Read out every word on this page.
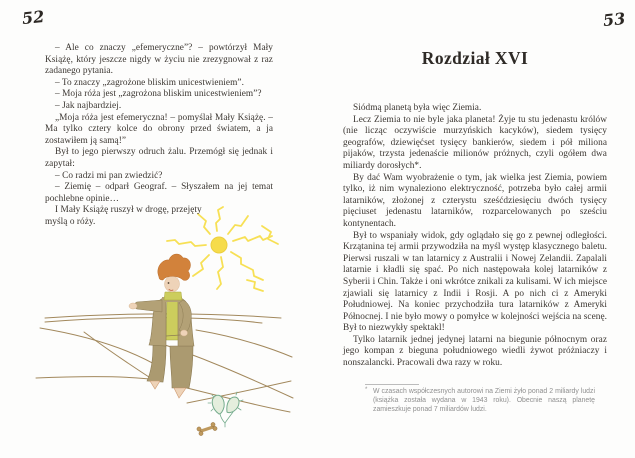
52

– Ale co znaczy „efemeryczne”? – powtórzył Mały Książę, który jeszcze nigdy w życiu nie zrezygnował z raz zadanego pytania.

– To znaczy „zagrożone bliskim unicestwieniem”.

– Moja róża jest „zagrożona bliskim unicestwieniem”?

– Jak najbardziej.

„Moja róża jest efemeryczna! – pomyślał Mały Książę. – Ma tylko cztery kolce do obrony przed światem, a ja zostawiłem ją samą!”

Był to jego pierwszy odruch żalu. Przemógł się jednak i zapytał:

– Co radzi mi pan zwiedzić?

– Ziemię – odparł Geograf. – Słyszałem na jej temat pochlebne opinie…

I Mały Książę ruszył w drogę, przejęty myślą o róży.

53
Rozdział XVI

Siódmą planetą była więc Ziemia.

Lecz Ziemia to nie byle jaka planeta! Żyje tu stu jedenastu królów (nie licząc oczywiście murzyńskich kacyków), siedem tysięcy geografów, dziewięćset tysięcy bankierów, siedem i pół miliona pijaków, trzysta jedenaście milionów próżnych, czyli ogółem dwa miliardy dorosłych*.

By dać Wam wyobrażenie o tym, jak wielka jest Ziemia, powiem tylko, iż nim wynaleziono elektryczność, potrzeba było całej armii latarników, złożonej z czterystu sześćdziesięciu dwóch tysięcy pięciuset jedenastu latarników, rozparcelowanych po sześciu kontynentach.

Był to wspaniały widok, gdy oglądało się go z pewnej odległości. Krzątanina tej armii przywodziła na myśl występ klasycznego baletu. Pierwsi ruszali w tan latarnicy z Australii i Nowej Zelandii. Zapalali latarnie i kładli się spać. Po nich następowała kolej latarników z Syberii i Chin. Także i oni wkrótce znikali za kulisami. W ich miejsce zjawiali się latarnicy z Indii i Rosji. A po nich ci z Ameryki Południowej. Na koniec przychodziła tura latarników z Ameryki Północnej. I nie było mowy o pomyłce w kolejności wejścia na scenę. Był to niezwykły spektakl!

Tylko latarnik jednej jedynej latarni na biegunie północnym oraz jego kompan z bieguna południowego wiedli żywot próżniaczy i nonszalancki. Pracowali dwa razy w roku.

* W czasach współczesnych autorowi na Ziemi żyło ponad 2 miliardy ludzi (książka została wydana w 1943 roku). Obecnie naszą planetę zamieszkuje ponad 7 miliardów ludzi.
